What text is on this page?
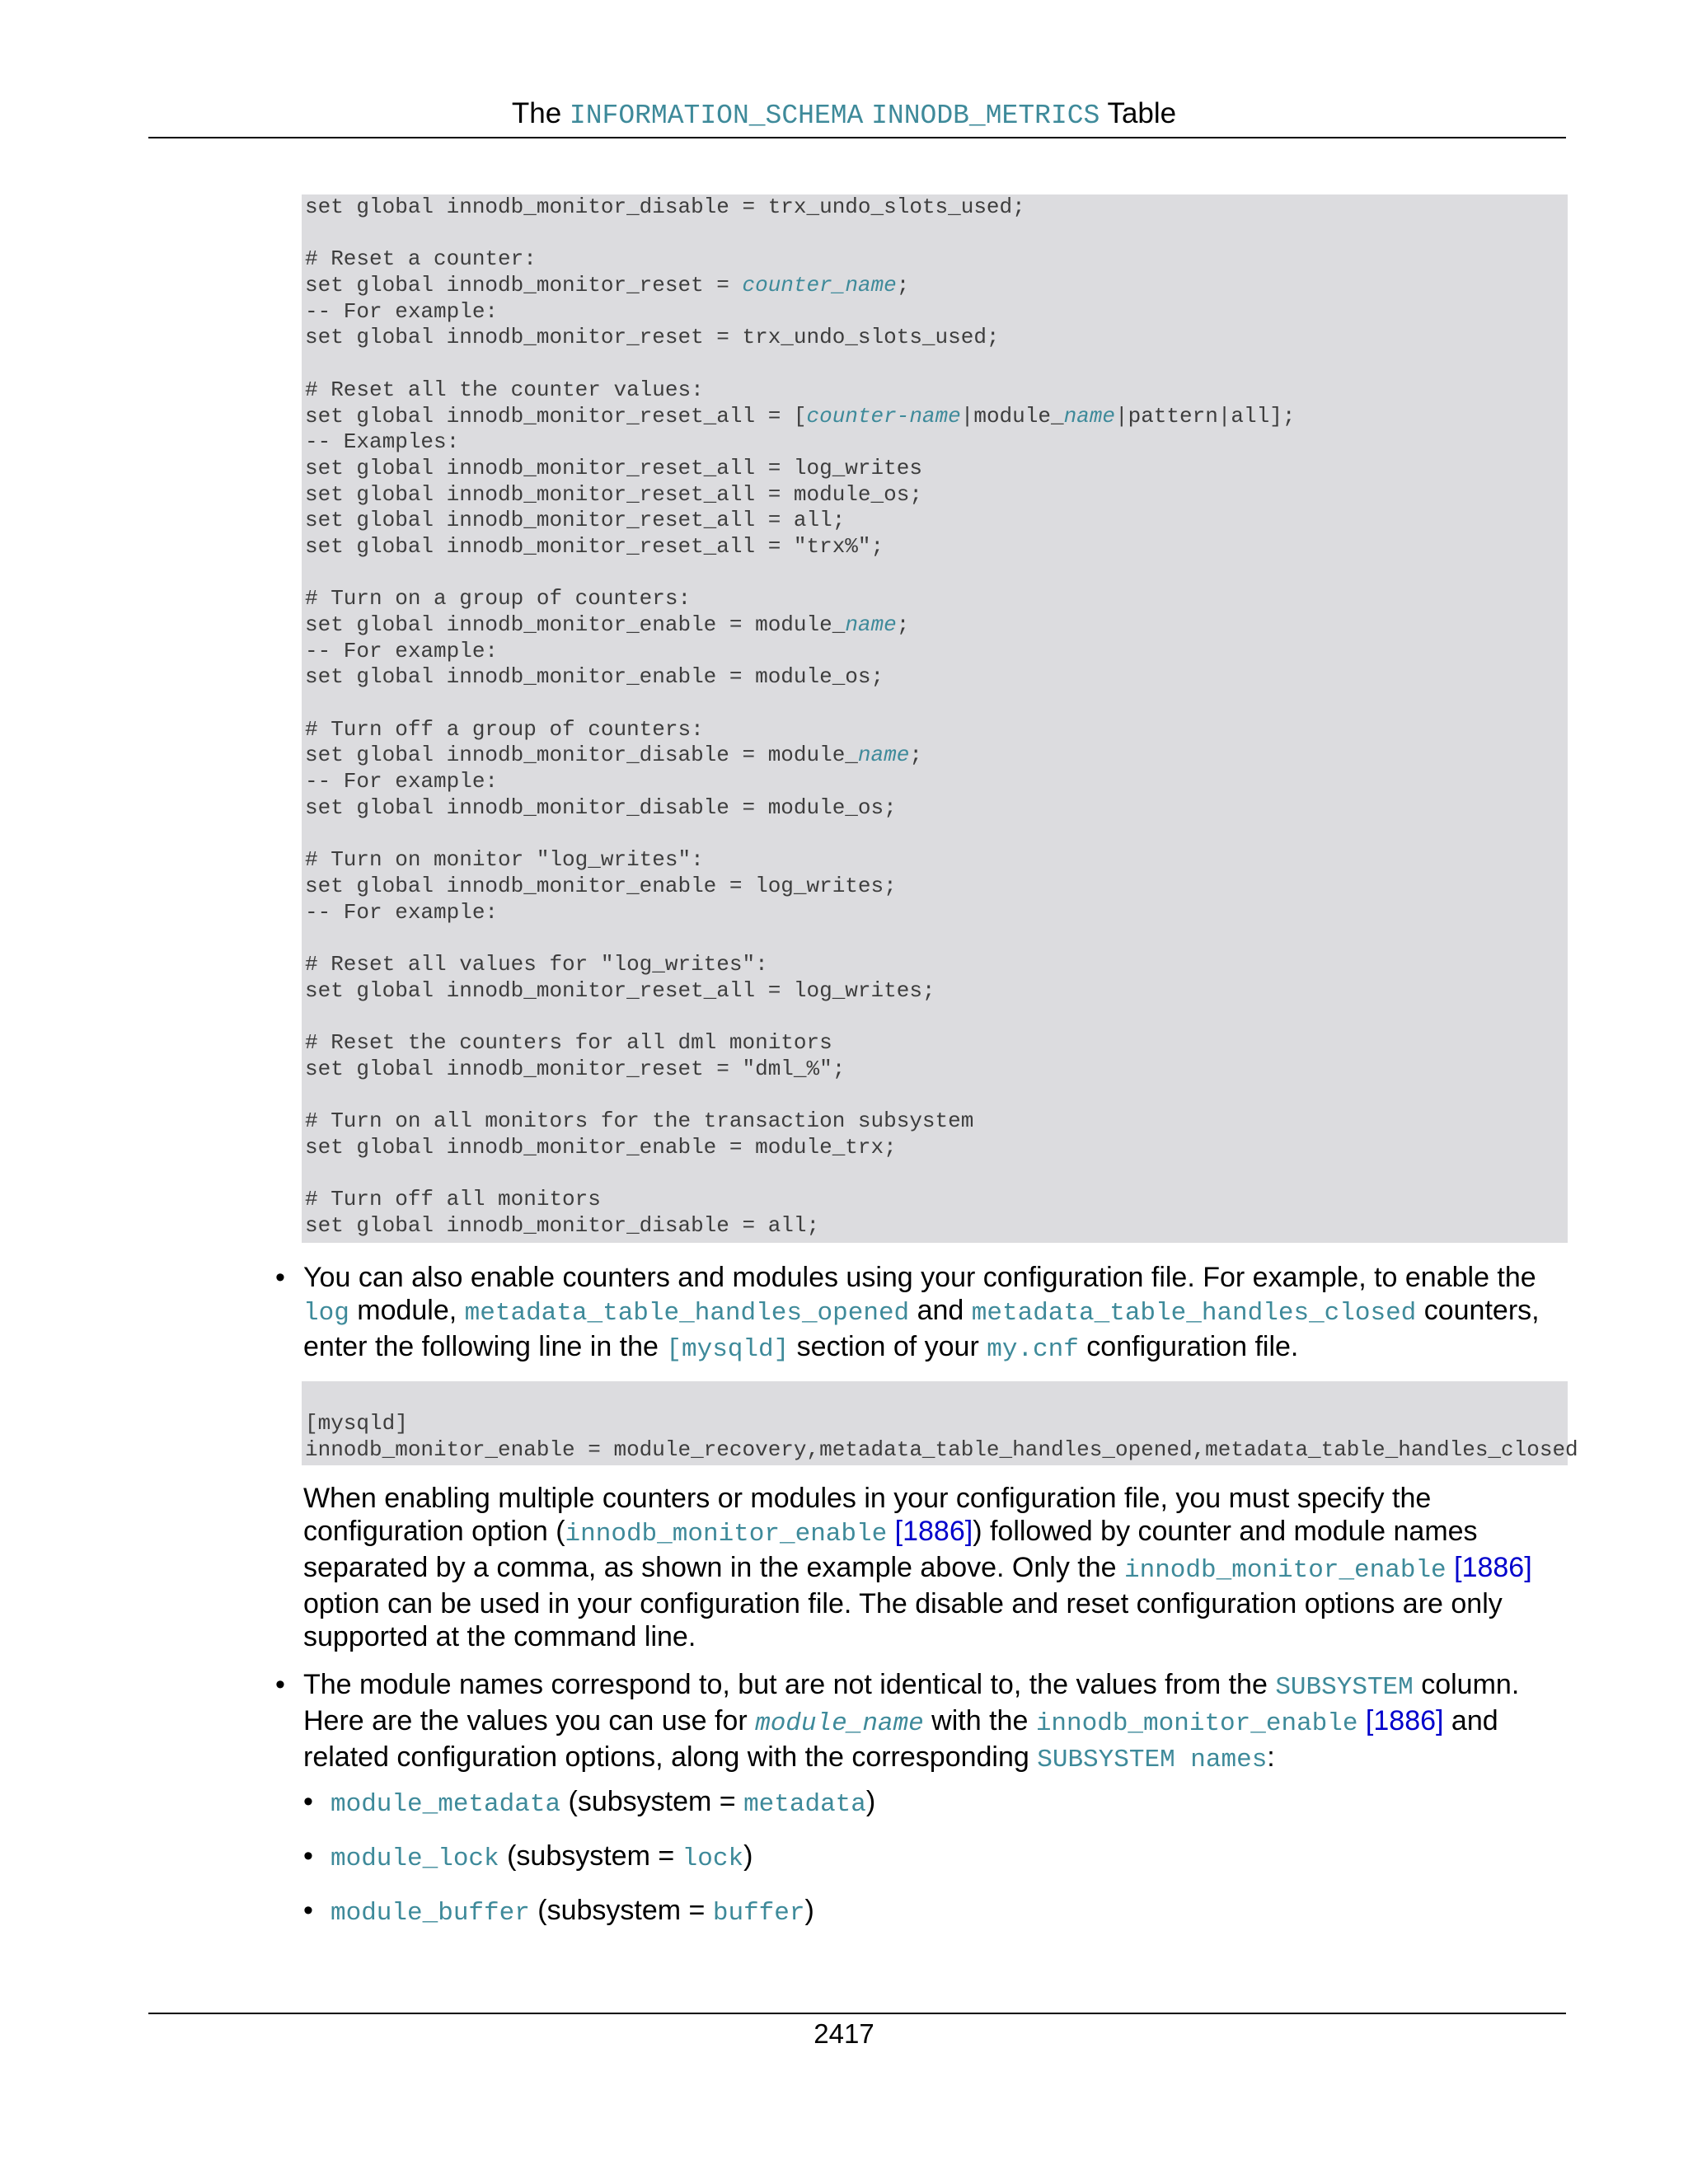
The INFORMATION_SCHEMA INNODB_METRICS Table
set global innodb_monitor_disable = trx_undo_slots_used;
# Reset a counter:
set global innodb_monitor_reset = counter_name;
-- For example:
set global innodb_monitor_reset = trx_undo_slots_used;
# Reset all the counter values:
set global innodb_monitor_reset_all = [counter-name|module_name|pattern|all];
-- Examples:
set global innodb_monitor_reset_all = log_writes
set global innodb_monitor_reset_all = module_os;
set global innodb_monitor_reset_all = all;
set global innodb_monitor_reset_all = "trx%";
# Turn on a group of counters:
set global innodb_monitor_enable = module_name;
-- For example:
set global innodb_monitor_enable = module_os;
# Turn off a group of counters:
set global innodb_monitor_disable = module_name;
-- For example:
set global innodb_monitor_disable = module_os;
# Turn on monitor "log_writes":
set global innodb_monitor_enable = log_writes;
-- For example:
# Reset all values for "log_writes":
set global innodb_monitor_reset_all = log_writes;
# Reset the counters for all dml monitors
set global innodb_monitor_reset = "dml_%";
# Turn on all monitors for the transaction subsystem
set global innodb_monitor_enable = module_trx;
# Turn off all monitors
set global innodb_monitor_disable = all;
• You can also enable counters and modules using your configuration file. For example, to enable the log module, metadata_table_handles_opened and metadata_table_handles_closed counters, enter the following line in the [mysqld] section of your my.cnf configuration file.
[mysqld]
innodb_monitor_enable = module_recovery,metadata_table_handles_opened,metadata_table_handles_closed
When enabling multiple counters or modules in your configuration file, you must specify the configuration option (innodb_monitor_enable [1886]) followed by counter and module names separated by a comma, as shown in the example above. Only the innodb_monitor_enable [1886] option can be used in your configuration file. The disable and reset configuration options are only supported at the command line.
• The module names correspond to, but are not identical to, the values from the SUBSYSTEM column. Here are the values you can use for module_name with the innodb_monitor_enable [1886] and related configuration options, along with the corresponding SUBSYSTEM names:
• module_metadata (subsystem = metadata)
• module_lock (subsystem = lock)
• module_buffer (subsystem = buffer)
2417
